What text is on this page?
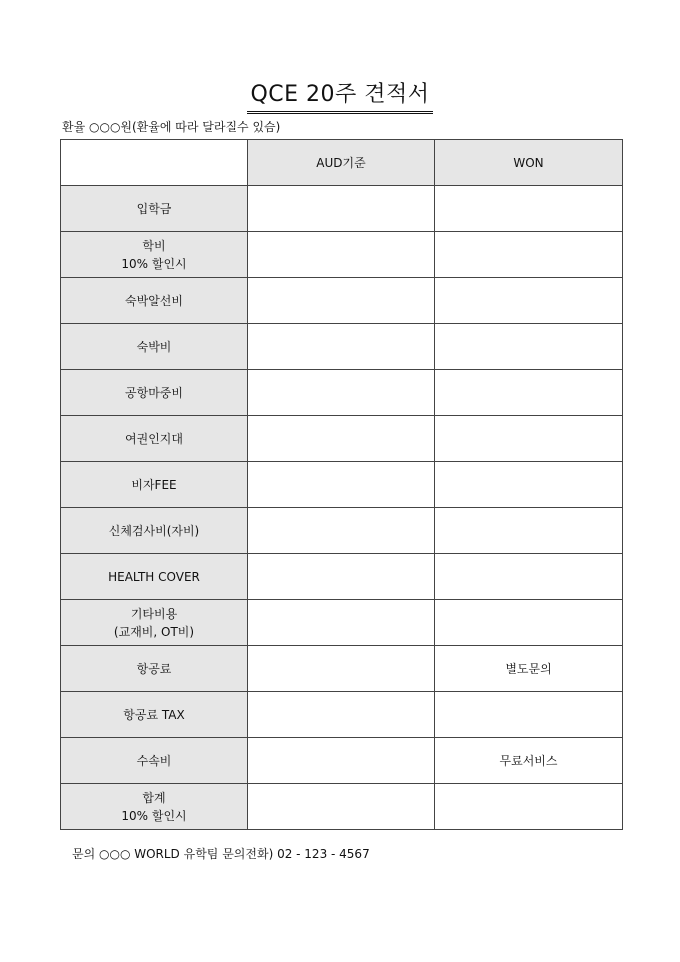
QCE 20주 견적서
환율 ○○○원(환율에 따라 달라질수 있슴)
	AUD기준	WON

입학금		

학비
10% 할인시		

숙박알선비		

숙박비		

공항마중비		

여권인지대		

비자FEE		

신체검사비(자비)		

HEALTH COVER		

기타비용
(교재비, OT비)		

항공료		별도문의

항공료 TAX		

수속비		무료서비스

합계
10% 할인시		

문의 ○○○ WORLD 유학팀 문의전화) 02 - 123 - 4567
